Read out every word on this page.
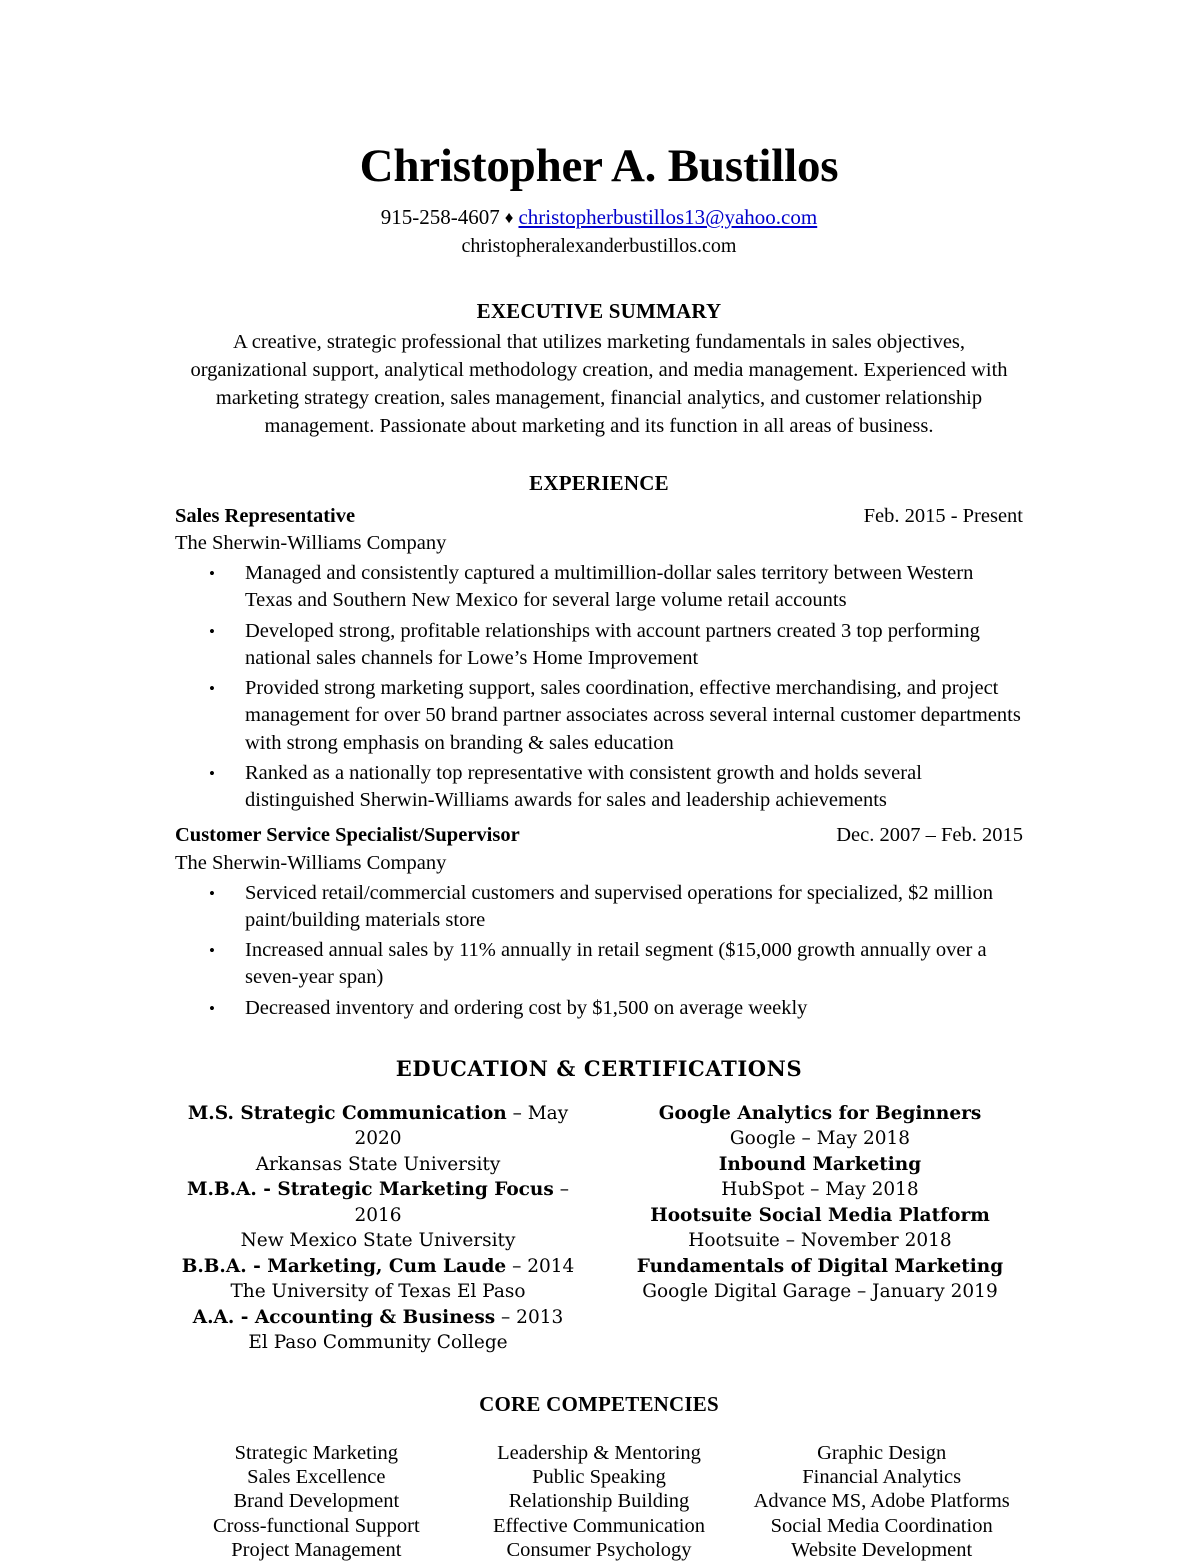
Christopher A. Bustillos
915-258-4607 ♦ christopherbustillos13@yahoo.com
christopheralexanderbustillos.com
EXECUTIVE SUMMARY
A creative, strategic professional that utilizes marketing fundamentals in sales objectives, organizational support, analytical methodology creation, and media management. Experienced with marketing strategy creation, sales management, financial analytics, and customer relationship management. Passionate about marketing and its function in all areas of business.
EXPERIENCE
Sales Representative	Feb. 2015 - Present
The Sherwin-Williams Company
• Managed and consistently captured a multimillion-dollar sales territory between Western Texas and Southern New Mexico for several large volume retail accounts
• Developed strong, profitable relationships with account partners created 3 top performing national sales channels for Lowe’s Home Improvement
• Provided strong marketing support, sales coordination, effective merchandising, and project management for over 50 brand partner associates across several internal customer departments with strong emphasis on branding & sales education
• Ranked as a nationally top representative with consistent growth and holds several distinguished Sherwin-Williams awards for sales and leadership achievements
Customer Service Specialist/Supervisor	Dec. 2007 – Feb. 2015
The Sherwin-Williams Company
• Serviced retail/commercial customers and supervised operations for specialized, $2 million paint/building materials store
• Increased annual sales by 11% annually in retail segment ($15,000 growth annually over a seven-year span)
• Decreased inventory and ordering cost by $1,500 on average weekly
EDUCATION & CERTIFICATIONS
M.S. Strategic Communication – May 2020
Arkansas State University
M.B.A. - Strategic Marketing Focus – 2016
New Mexico State University
B.B.A. - Marketing, Cum Laude – 2014
The University of Texas El Paso
A.A. - Accounting & Business – 2013
El Paso Community College
Google Analytics for Beginners
Google – May 2018
Inbound Marketing
HubSpot – May 2018
Hootsuite Social Media Platform
Hootsuite – November 2018
Fundamentals of Digital Marketing
Google Digital Garage – January 2019
CORE COMPETENCIES
Strategic Marketing
Sales Excellence
Brand Development
Cross-functional Support
Project Management
Leadership & Mentoring
Public Speaking
Relationship Building
Effective Communication
Consumer Psychology
Graphic Design
Financial Analytics
Advance MS, Adobe Platforms
Social Media Coordination
Website Development
